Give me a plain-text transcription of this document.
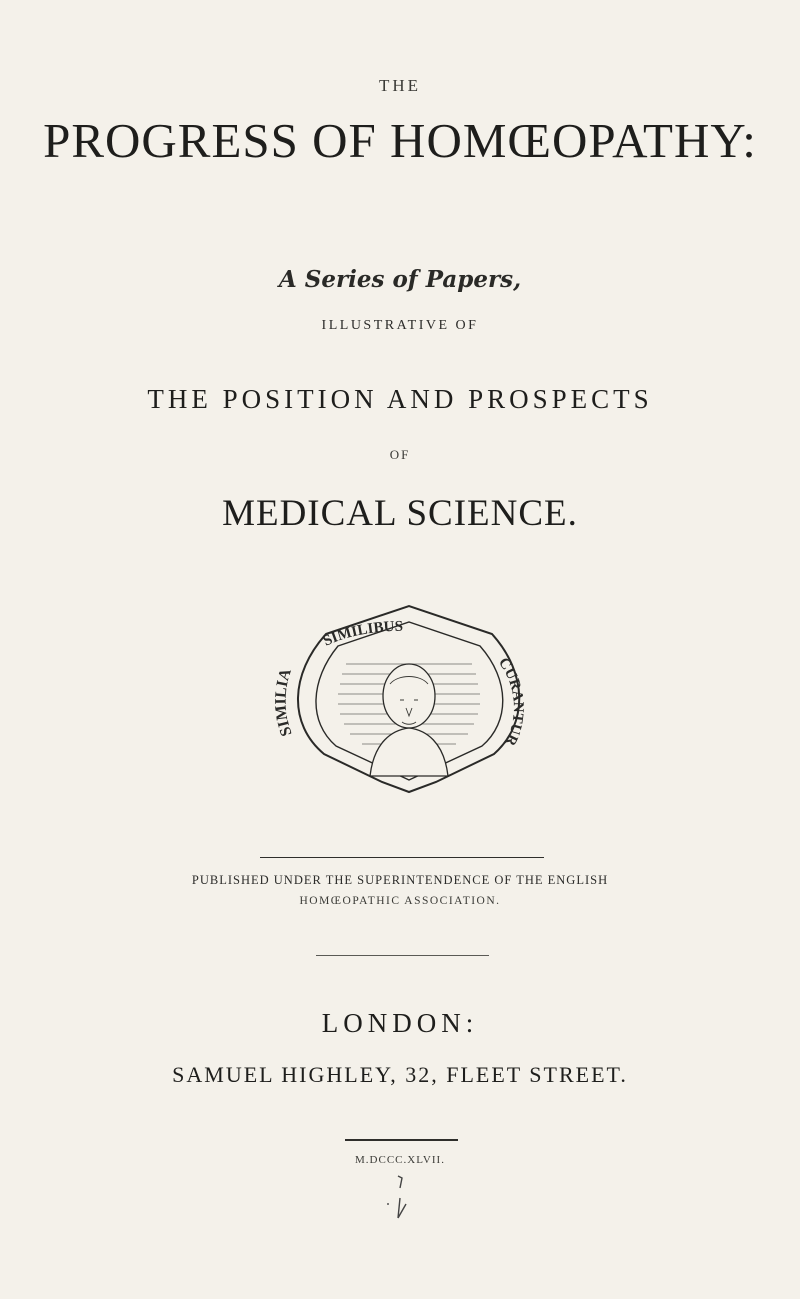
THE
PROGRESS OF HOMŒOPATHY:
A Series of Papers,
ILLUSTRATIVE OF
THE POSITION AND PROSPECTS
OF
MEDICAL SCIENCE.
SIMILIA
SIMILIBUS
CURANTUR
PUBLISHED UNDER THE SUPERINTENDENCE OF THE ENGLISH
HOMŒOPATHIC ASSOCIATION.
LONDON:
SAMUEL HIGHLEY, 32, FLEET STREET.
M.DCCC.XLVII.
